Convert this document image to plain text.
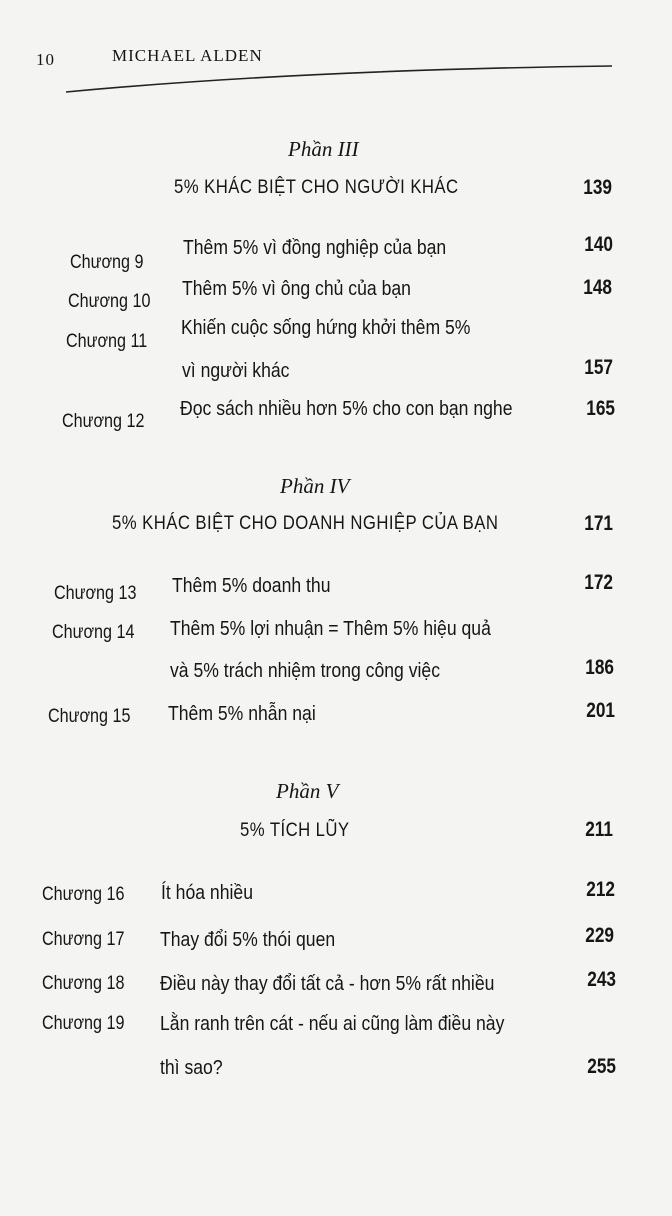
10	MICHAEL ALDEN
Phần III
5% KHÁC BIỆT CHO NGƯỜI KHÁC	139
Chương 9
Thêm 5% vì đồng nghiệp của bạn	140
Chương 10
Thêm 5% vì ông chủ của bạn	148
Chương 11
Khiến cuộc sống hứng khởi thêm 5%
vì người khác	157
Chương 12
Đọc sách nhiều hơn 5% cho con bạn nghe	165
Phần IV
5% KHÁC BIỆT CHO DOANH NGHIỆP CỦA BẠN	171
Chương 13 Thêm 5% doanh thu	172
Chương 14 Thêm 5% lợi nhuận = Thêm 5% hiệu quả
và 5% trách nhiệm trong công việc	186
Chương 15 Thêm 5% nhẫn nại	201
Phần V
5% TÍCH LŨY	211
Chương 16 Ít hóa nhiều	212
Chương 17 Thay đổi 5% thói quen	229
Chương 18 Điều này thay đổi tất cả - hơn 5% rất nhiều	243
Chương 19 Lằn ranh trên cát - nếu ai cũng làm điều này
thì sao?	255
